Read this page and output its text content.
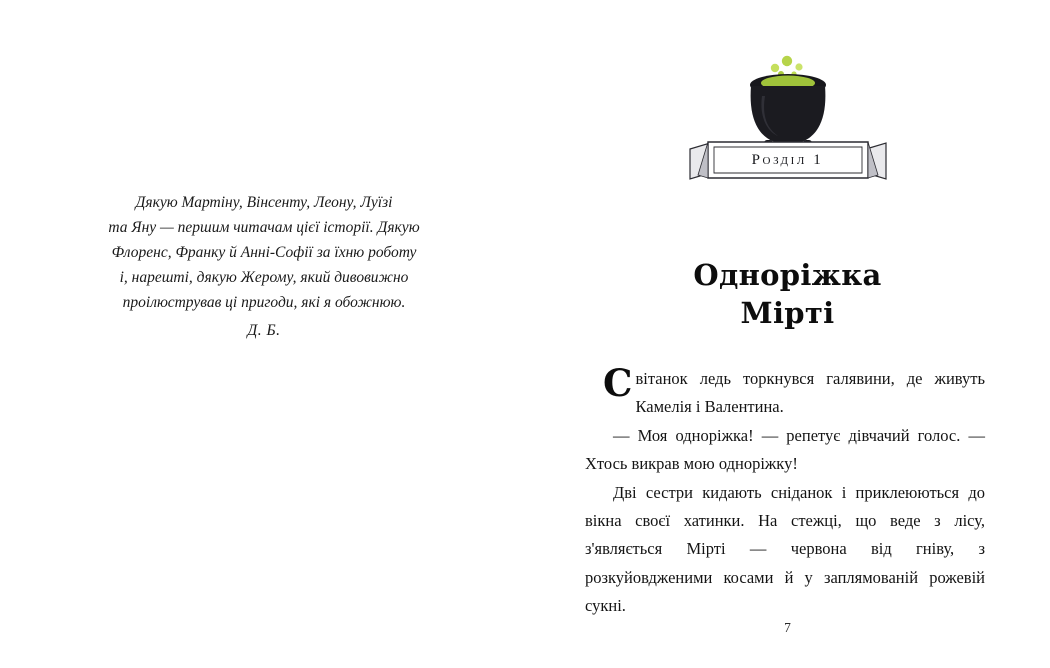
Дякую Мартіну, Вінсенту, Леону, Луїзі

та Яну — першим читачам цієї історії. Дякую

Флоренс, Франку й Анні-Софії за їхню роботу

і, нарешті, дякую Жерому, який дивовижно

проілюстрував ці пригоди, які я обожнюю.

Д. Б.

Розділ 1
Одноріжка
Мірті

Світанок ледь торкнувся галявини, де живуть Камелія і Валентина.

— Моя одноріжка! — репетує дівчачий голос. — Хтось викрав мою одноріжку!

Дві сестри кидають сніданок і приклеюються до вікна своєї хатинки. На стежці, що веде з лісу, з'являється Мірті — червона від гніву, з розкуйовдженими косами й у заплямованій рожевій сукні.

7
